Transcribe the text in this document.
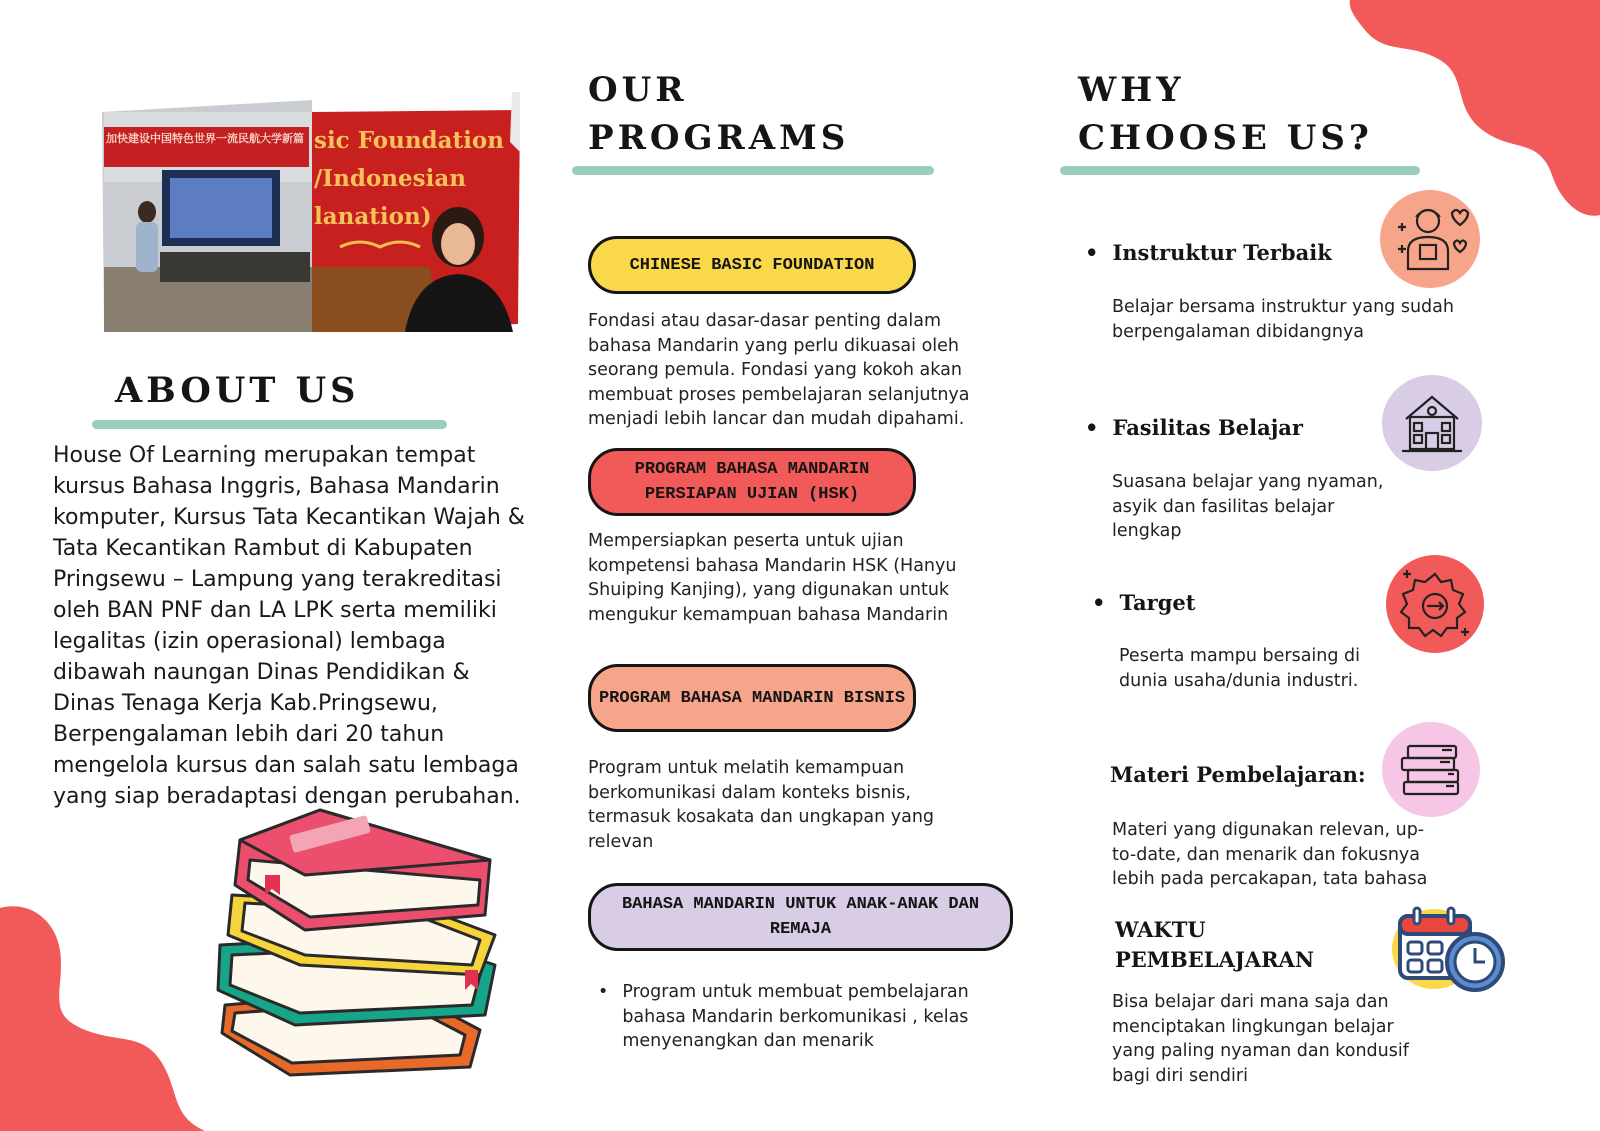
加快建设中国特色世界一流民航大学新篇 sic Foundation
/Indonesian
lanation)
ABOUT US
House Of Learning merupakan tempat kursus Bahasa Inggris, Bahasa Mandarin komputer, Kursus Tata Kecantikan Wajah & Tata Kecantikan Rambut di Kabupaten Pringsewu – Lampung yang terakreditasi oleh BAN PNF dan LA LPK serta memiliki legalitas (izin operasional) lembaga dibawah naungan Dinas Pendidikan & Dinas Tenaga Kerja Kab.Pringsewu, Berpengalaman lebih dari 20 tahun mengelola kursus dan salah satu lembaga yang siap beradaptasi dengan perubahan.
OUR
PROGRAMS
CHINESE BASIC FOUNDATION
Fondasi atau dasar-dasar penting dalam bahasa Mandarin yang perlu dikuasai oleh seorang pemula. Fondasi yang kokoh akan membuat proses pembelajaran selanjutnya menjadi lebih lancar dan mudah dipahami.
PROGRAM BAHASA MANDARIN PERSIAPAN UJIAN (HSK)
Mempersiapkan peserta untuk ujian kompetensi bahasa Mandarin HSK (Hanyu Shuiping Kanjing), yang digunakan untuk mengukur kemampuan bahasa Mandarin
PROGRAM BAHASA MANDARIN BISNIS
Program untuk melatih kemampuan berkomunikasi dalam konteks bisnis, termasuk kosakata dan ungkapan yang relevan
BAHASA MANDARIN UNTUK ANAK-ANAK DAN REMAJA
• Program untuk membuat pembelajaran bahasa Mandarin berkomunikasi , kelas menyenangkan dan menarik
WHY
CHOOSE US?
• Instruktur Terbaik
Belajar bersama instruktur yang sudah berpengalaman dibidangnya
• Fasilitas Belajar
Suasana belajar yang nyaman, asyik dan fasilitas belajar lengkap
• Target
Peserta mampu bersaing di dunia usaha/dunia industri.
Materi Pembelajaran:
Materi yang digunakan relevan, up-to-date, dan menarik dan fokusnya lebih pada percakapan, tata bahasa
WAKTU PEMBELAJARAN
Bisa belajar dari mana saja dan menciptakan lingkungan belajar yang paling nyaman dan kondusif bagi diri sendiri
